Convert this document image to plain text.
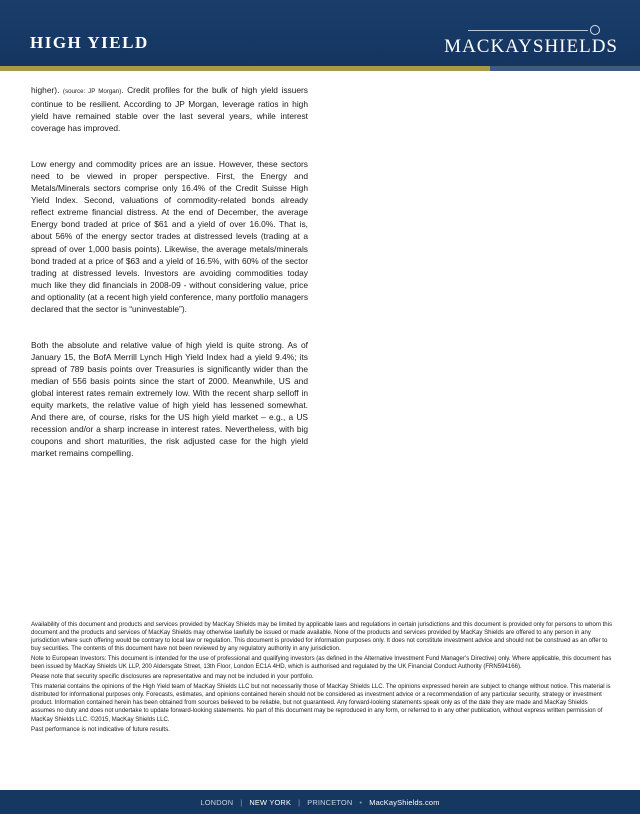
HIGH YIELD	MACKAYSHIELDS

higher). (source: JP Morgan). Credit profiles for the bulk of high yield issuers continue to be resilient. According to JP Morgan, leverage ratios in high yield have remained stable over the last several years, while interest coverage has improved.

Low energy and commodity prices are an issue. However, these sectors need to be viewed in proper perspective. First, the Energy and Metals/Minerals sectors comprise only 16.4% of the Credit Suisse High Yield Index. Second, valuations of commodity-related bonds already reflect extreme financial distress. At the end of December, the average Energy bond traded at price of $61 and a yield of over 16.0%. That is, about 56% of the energy sector trades at distressed levels (trading at a spread of over 1,000 basis points). Likewise, the average metals/minerals bond traded at a price of $63 and a yield of 16.5%, with 60% of the sector trading at distressed levels. Investors are avoiding commodities today much like they did financials in 2008-09 - without considering value, price and optionality (at a recent high yield conference, many portfolio managers declared that the sector is “uninvestable”).

Both the absolute and relative value of high yield is quite strong. As of January 15, the BofA Merrill Lynch High Yield Index had a yield 9.4%; its spread of 789 basis points over Treasuries is significantly wider than the median of 556 basis points since the start of 2000. Meanwhile, US and global interest rates remain extremely low. With the recent sharp selloff in equity markets, the relative value of high yield has lessened somewhat. And there are, of course, risks for the US high yield market – e.g., a US recession and/or a sharp increase in interest rates. Nevertheless, with big coupons and short maturities, the risk adjusted case for the high yield market remains compelling.

Availability of this document and products and services provided by MacKay Shields may be limited by applicable laws and regulations in certain jurisdictions and this document is provided only for persons to whom this document and the products and services of MacKay Shields may otherwise lawfully be issued or made available. None of the products and services provided by MacKay Shields are offered to any person in any jurisdiction where such offering would be contrary to local law or regulation. This document is provided for information purposes only. It does not constitute investment advice and should not be construed as an offer to buy securities. The contents of this document have not been reviewed by any regulatory authority in any jurisdiction.

Note to European Investors: This document is intended for the use of professional and qualifying investors (as defined in the Alternative Investment Fund Manager’s Directive) only. Where applicable, this document has been issued by MacKay Shields UK LLP, 200 Aldersgate Street, 13th Floor, London EC1A 4HD, which is authorised and regulated by the UK Financial Conduct Authority (FRN594166).

Please note that security specific disclosures are representative and may not be included in your portfolio.

This material contains the opinions of the High Yield team of MacKay Shields LLC but not necessarily those of MacKay Shields LLC. The opinions expressed herein are subject to change without notice. This material is distributed for informational purposes only. Forecasts, estimates, and opinions contained herein should not be considered as investment advice or a recommendation of any particular security, strategy or investment product. Information contained herein has been obtained from sources believed to be reliable, but not guaranteed. Any forward-looking statements speak only as of the date they are made and MacKay Shields assumes no duty and does not undertake to update forward-looking statements. No part of this document may be reproduced in any form, or referred to in any other publication, without express written permission of MacKay Shields LLC. ©2015, MacKay Shields LLC.

Past performance is not indicative of future results.

LONDON | NEW YORK | PRINCETON • MacKayShields.com
